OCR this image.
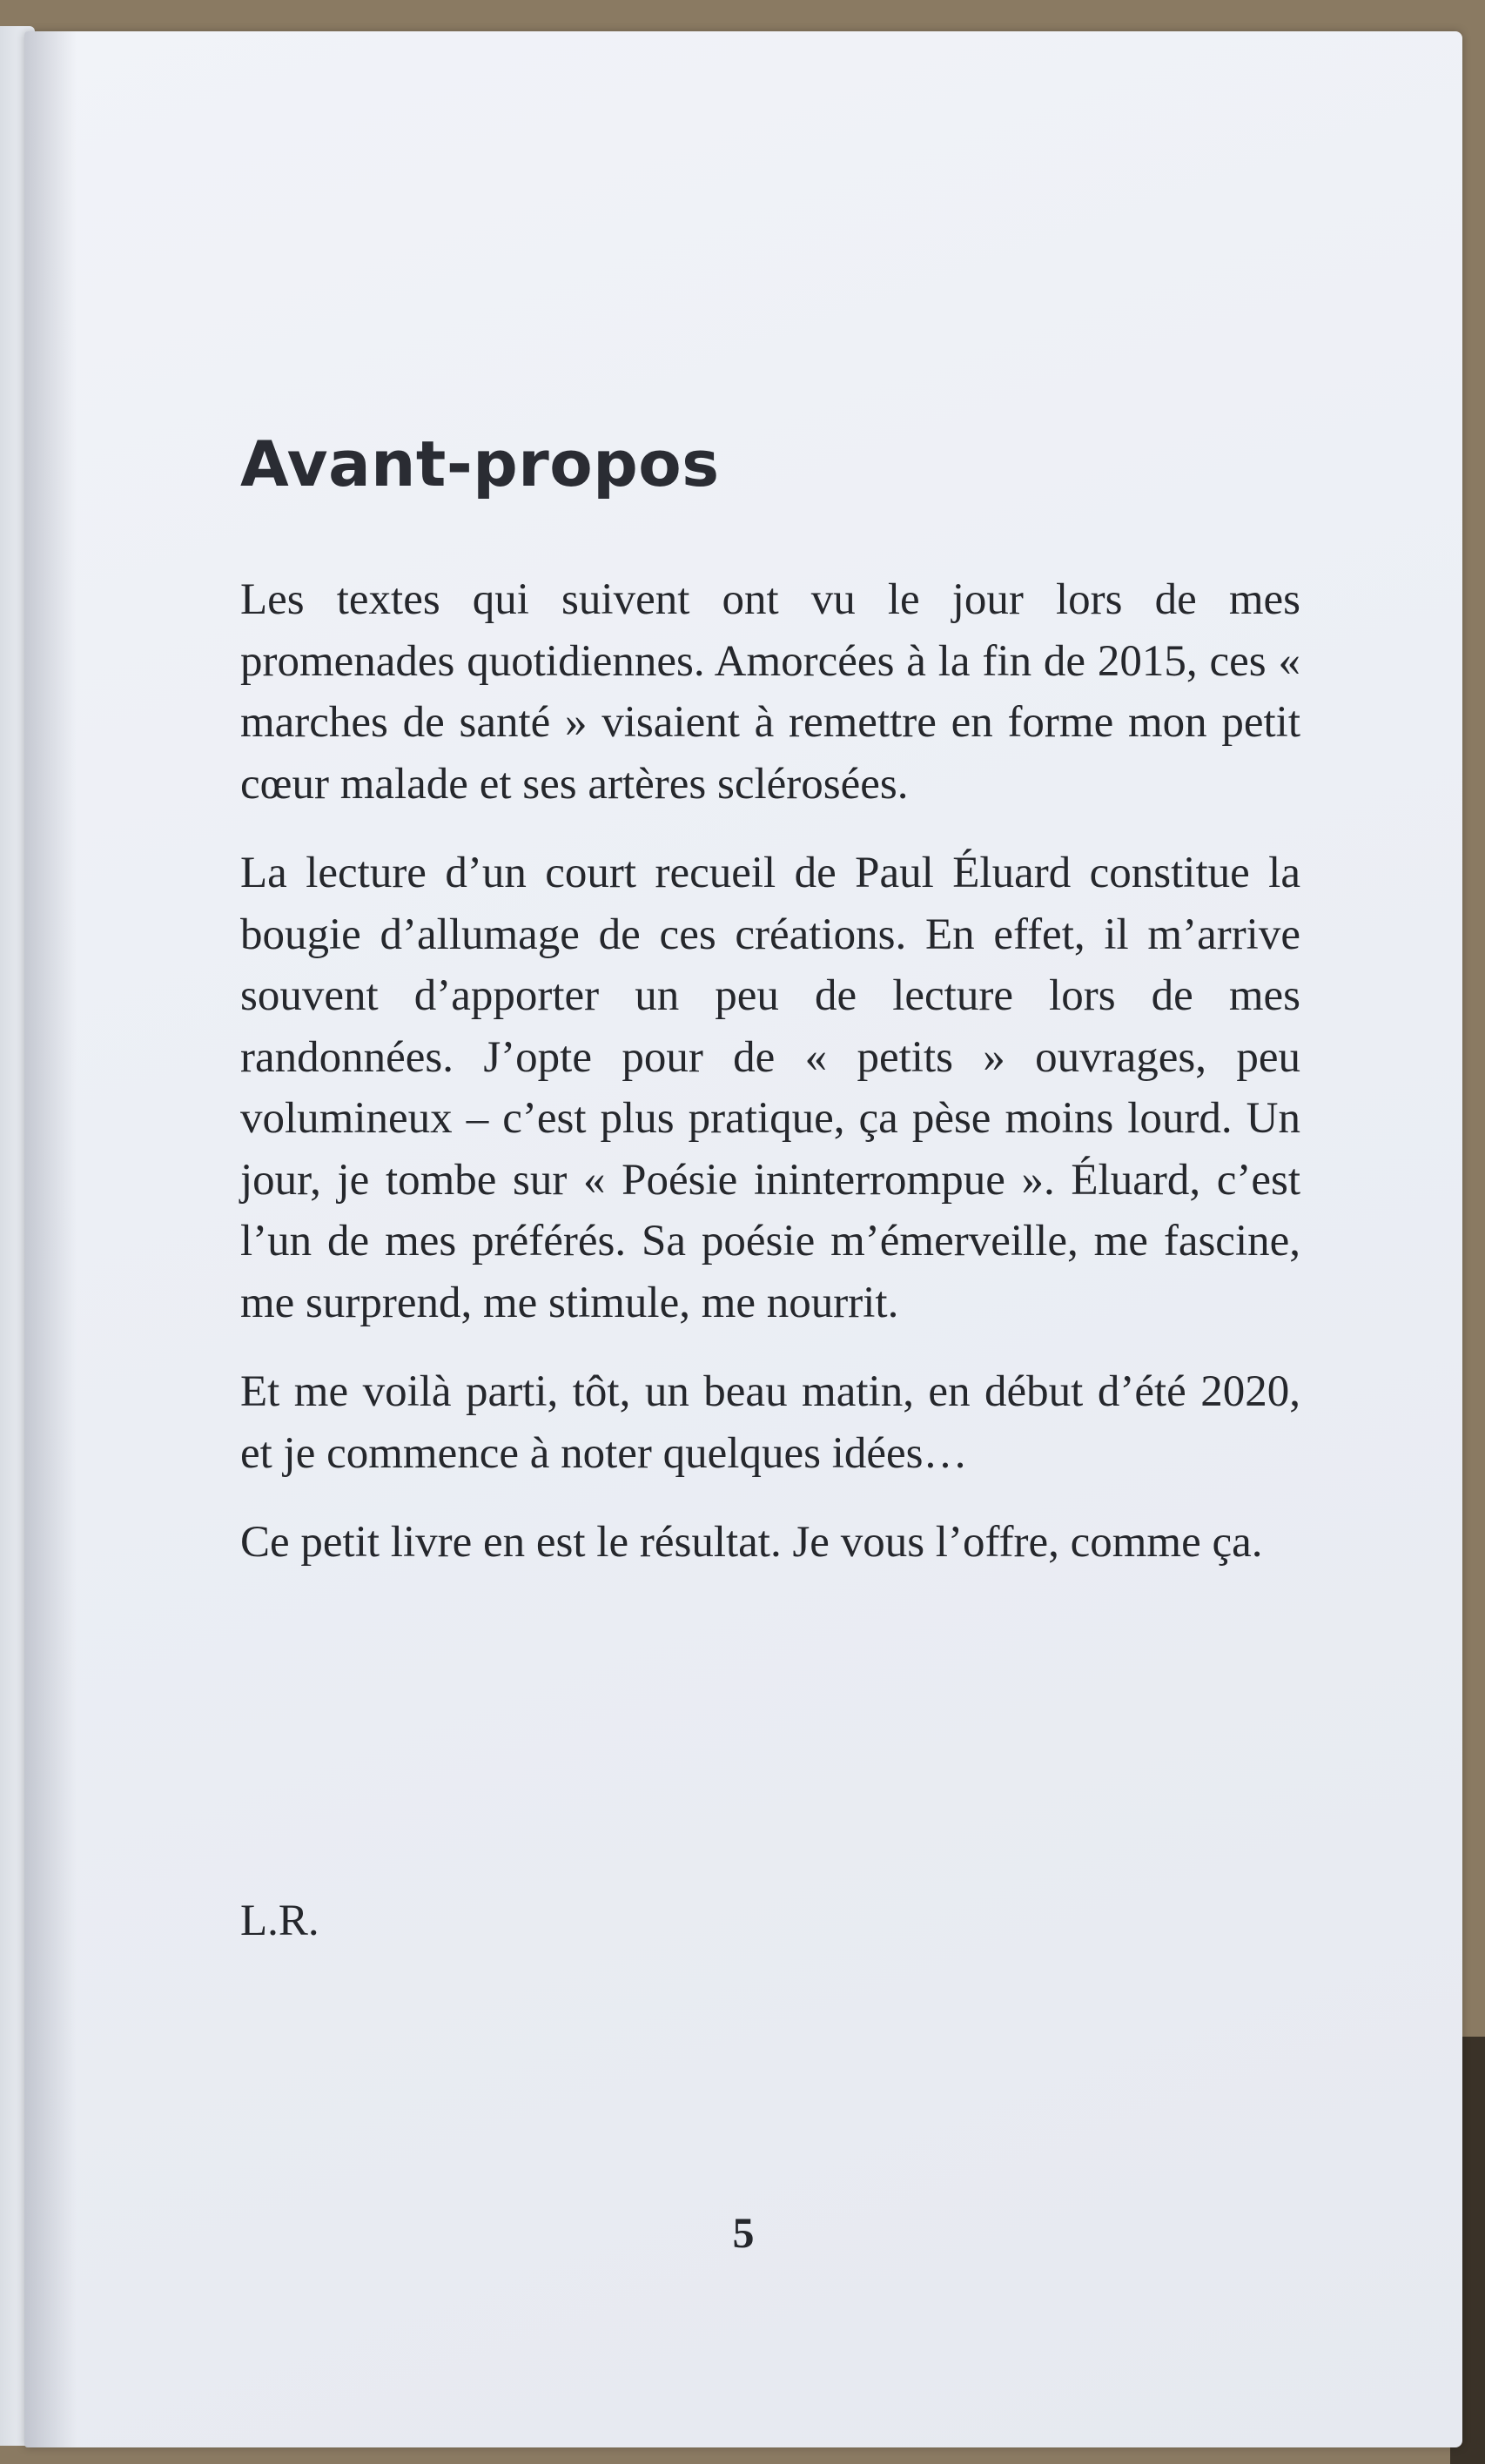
Avant-propos

Les textes qui suivent ont vu le jour lors de mes promenades quotidiennes. Amorcées à la fin de 2015, ces « marches de santé » visaient à remettre en forme mon petit cœur malade et ses artères sclérosées.

La lecture d’un court recueil de Paul Éluard constitue la bougie d’allumage de ces créations. En effet, il m’arrive souvent d’apporter un peu de lecture lors de mes randonnées. J’opte pour de « petits » ouvrages, peu volumineux – c’est plus pratique, ça pèse moins lourd. Un jour, je tombe sur « Poésie ininterrompue ». Éluard, c’est l’un de mes préférés. Sa poésie m’émerveille, me fascine, me surprend, me stimule, me nourrit.

Et me voilà parti, tôt, un beau matin, en début d’été 2020, et je commence à noter quelques idées…

Ce petit livre en est le résultat. Je vous l’offre, comme ça.

L.R.

5
